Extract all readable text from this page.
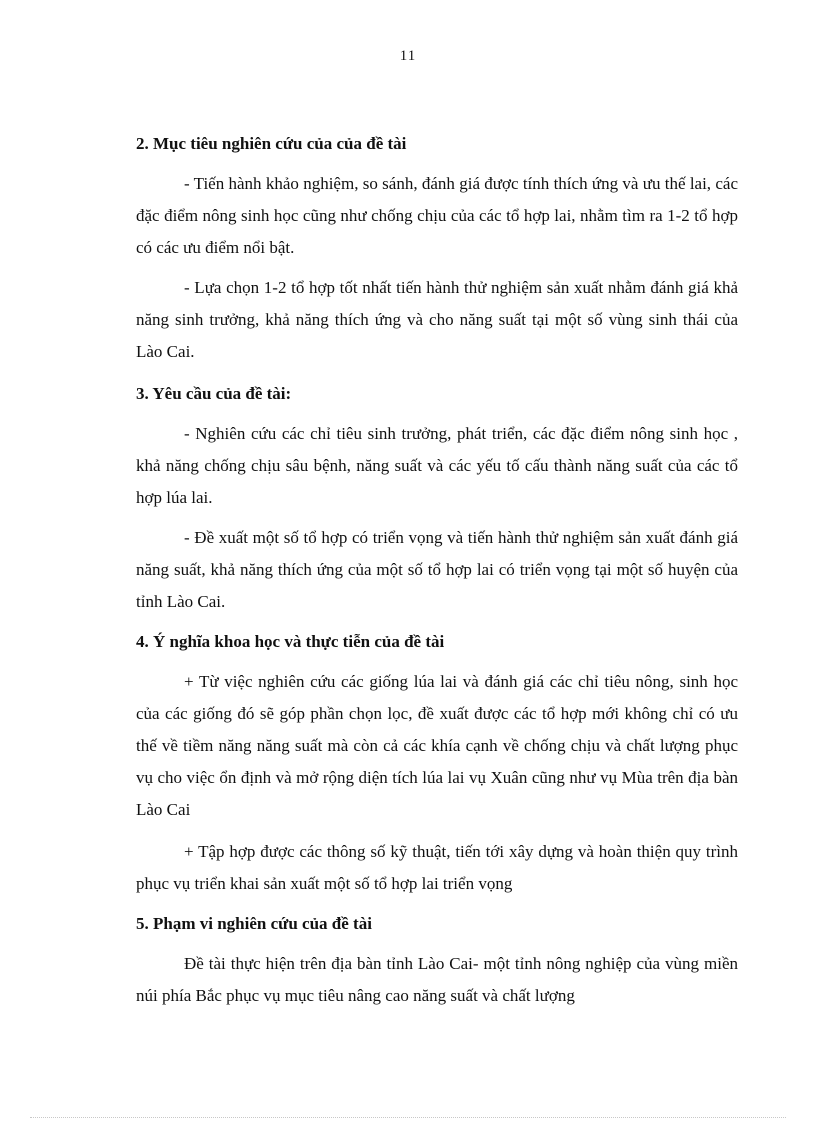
11
2. Mục tiêu nghiên cứu của của đề tài
- Tiến hành khảo nghiệm, so sánh, đánh giá được tính thích ứng và ưu thế lai, các đặc điểm nông sinh học cũng như chống chịu của các tổ hợp lai, nhằm tìm ra 1-2 tổ hợp có các ưu điểm nổi bật.
- Lựa chọn 1-2 tổ hợp tốt nhất tiến hành thử nghiệm sản xuất nhằm đánh giá khả năng sinh trưởng, khả năng thích ứng và cho năng suất tại một số vùng sinh thái của Lào Cai.
3. Yêu cầu của đề tài:
- Nghiên cứu các chỉ tiêu sinh trưởng, phát triển, các đặc điểm nông sinh học , khả năng chống chịu sâu bệnh, năng suất và các yếu tố cấu thành năng suất của các tổ hợp lúa lai.
- Đề xuất một số tổ hợp có triển vọng và tiến hành thử nghiệm sản xuất đánh giá năng suất, khả năng thích ứng của một số tổ hợp lai có triển vọng tại một số huyện của tỉnh Lào Cai.
4. Ý nghĩa khoa học và thực tiễn của đề tài
+ Từ việc nghiên cứu các giống lúa lai và đánh giá các chỉ tiêu nông, sinh học của các giống đó sẽ góp phần chọn lọc, đề xuất được các tổ hợp mới không chỉ có ưu thế về tiềm năng năng suất mà còn cả các khía cạnh về chống chịu và chất lượng phục vụ cho việc ổn định và mở rộng diện tích lúa lai vụ Xuân cũng như vụ Mùa trên địa bàn Lào Cai
+ Tập hợp được các thông số kỹ thuật, tiến tới xây dựng và hoàn thiện quy trình phục vụ triển khai sản xuất một số tổ hợp lai triển vọng
5. Phạm vi nghiên cứu của đề tài
Đề tài thực hiện trên địa bàn tỉnh Lào Cai- một tỉnh nông nghiệp của vùng miền núi phía Bắc phục vụ mục tiêu nâng cao năng suất và chất lượng
